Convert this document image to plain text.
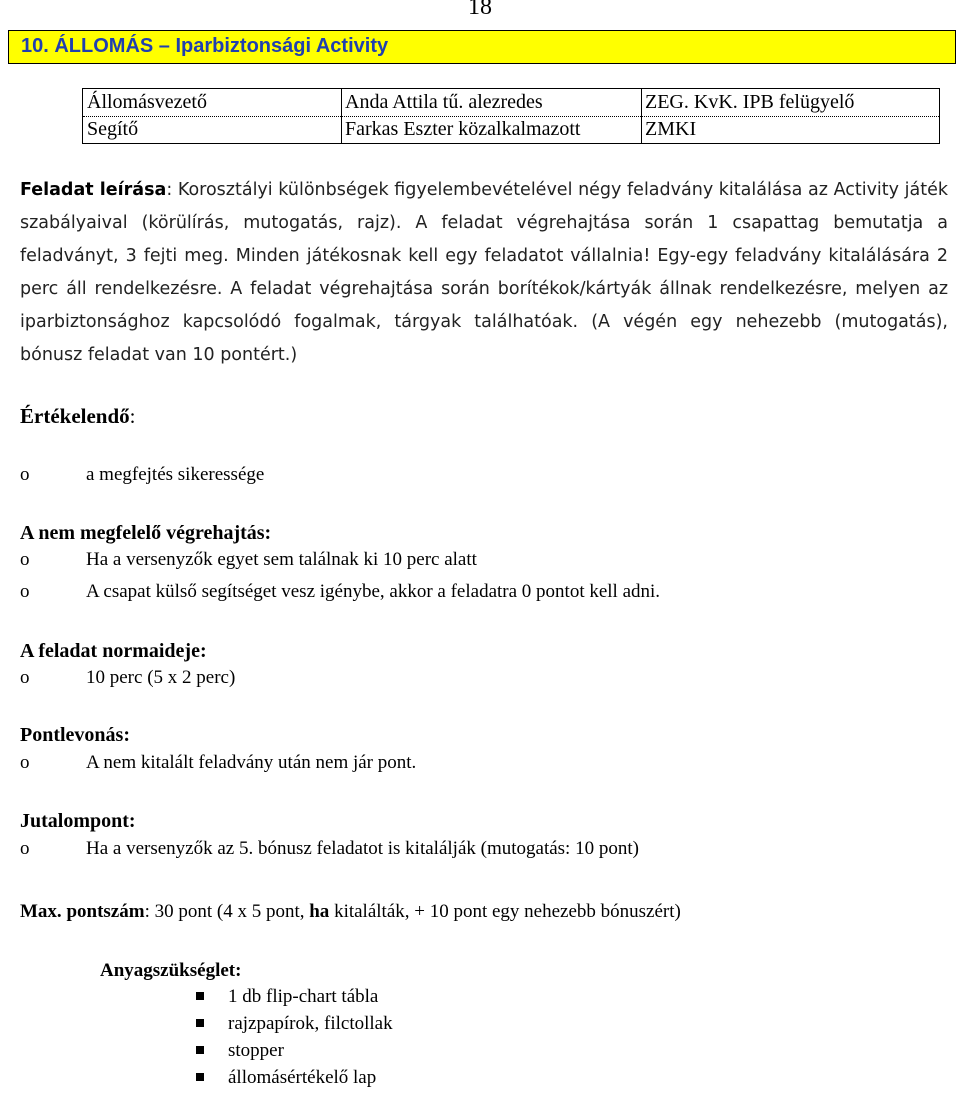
18
10. ÁLLOMÁS – Iparbiztonsági Activity
Állomásvezető	Anda Attila tű. alezredes	ZEG. KvK. IPB felügyelő
Segítő	Farkas Eszter közalkalmazott	ZMKI
Feladat leírása: Korosztályi különbségek figyelembevételével négy feladvány kitalálása az Activity játék szabályaival (körülírás, mutogatás, rajz). A feladat végrehajtása során 1 csapattag bemutatja a feladványt, 3 fejti meg. Minden játékosnak kell egy feladatot vállalnia! Egy-egy feladvány kitalálására 2 perc áll rendelkezésre. A feladat végrehajtása során borítékok/kártyák állnak rendelkezésre, melyen az iparbiztonsághoz kapcsolódó fogalmak, tárgyak találhatóak. (A végén egy nehezebb (mutogatás), bónusz feladat van 10 pontért.)
Értékelendő:
o	a megfejtés sikeressége
A nem megfelelő végrehajtás:
o	Ha a versenyzők egyet sem találnak ki 10 perc alatt
o	A csapat külső segítséget vesz igénybe, akkor a feladatra 0 pontot kell adni.
A feladat normaideje:
o	10 perc (5 x 2 perc)
Pontlevonás:
o	A nem kitalált feladvány után nem jár pont.
Jutalompont:
o	Ha a versenyzők az 5. bónusz feladatot is kitalálják (mutogatás: 10 pont)
Max. pontszám: 30 pont (4 x 5 pont, ha kitalálták, + 10 pont egy nehezebb bónuszért)
Anyagszükséglet:
1 db flip-chart tábla
rajzpapírok, filctollak
stopper
állomásértékelő lap
